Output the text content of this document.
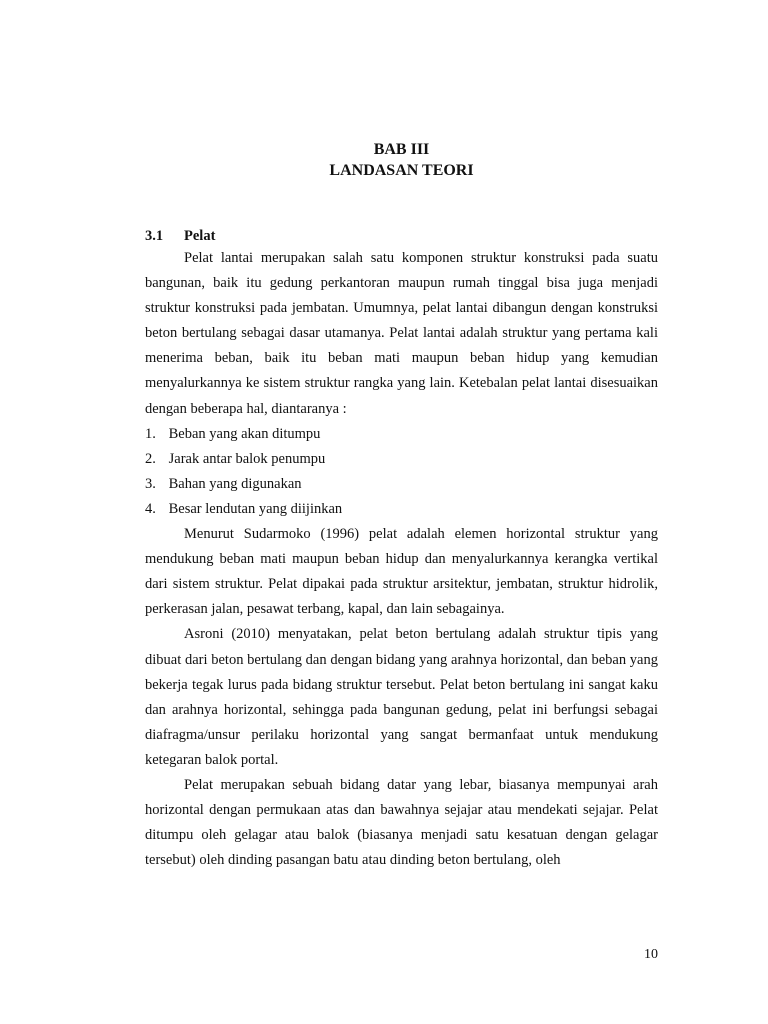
BAB III
LANDASAN TEORI
3.1 Pelat

Pelat lantai merupakan salah satu komponen struktur konstruksi pada suatu bangunan, baik itu gedung perkantoran maupun rumah tinggal bisa juga menjadi struktur konstruksi pada jembatan. Umumnya, pelat lantai dibangun dengan konstruksi beton bertulang sebagai dasar utamanya. Pelat lantai adalah struktur yang pertama kali menerima beban, baik itu beban mati maupun beban hidup yang kemudian menyalurkannya ke sistem struktur rangka yang lain. Ketebalan pelat lantai disesuaikan dengan beberapa hal, diantaranya :

1. Beban yang akan ditumpu
2. Jarak antar balok penumpu
3. Bahan yang digunakan
4. Besar lendutan yang diijinkan

Menurut Sudarmoko (1996) pelat adalah elemen horizontal struktur yang mendukung beban mati maupun beban hidup dan menyalurkannya kerangka vertikal dari sistem struktur. Pelat dipakai pada struktur arsitektur, jembatan, struktur hidrolik, perkerasan jalan, pesawat terbang, kapal, dan lain sebagainya.

Asroni (2010) menyatakan, pelat beton bertulang adalah struktur tipis yang dibuat dari beton bertulang dan dengan bidang yang arahnya horizontal, dan beban yang bekerja tegak lurus pada bidang struktur tersebut. Pelat beton bertulang ini sangat kaku dan arahnya horizontal, sehingga pada bangunan gedung, pelat ini berfungsi sebagai diafragma/unsur perilaku horizontal yang sangat bermanfaat untuk mendukung ketegaran balok portal.

Pelat merupakan sebuah bidang datar yang lebar, biasanya mempunyai arah horizontal dengan permukaan atas dan bawahnya sejajar atau mendekati sejajar. Pelat ditumpu oleh gelagar atau balok (biasanya menjadi satu kesatuan dengan gelagar tersebut) oleh dinding pasangan batu atau dinding beton bertulang, oleh

10
